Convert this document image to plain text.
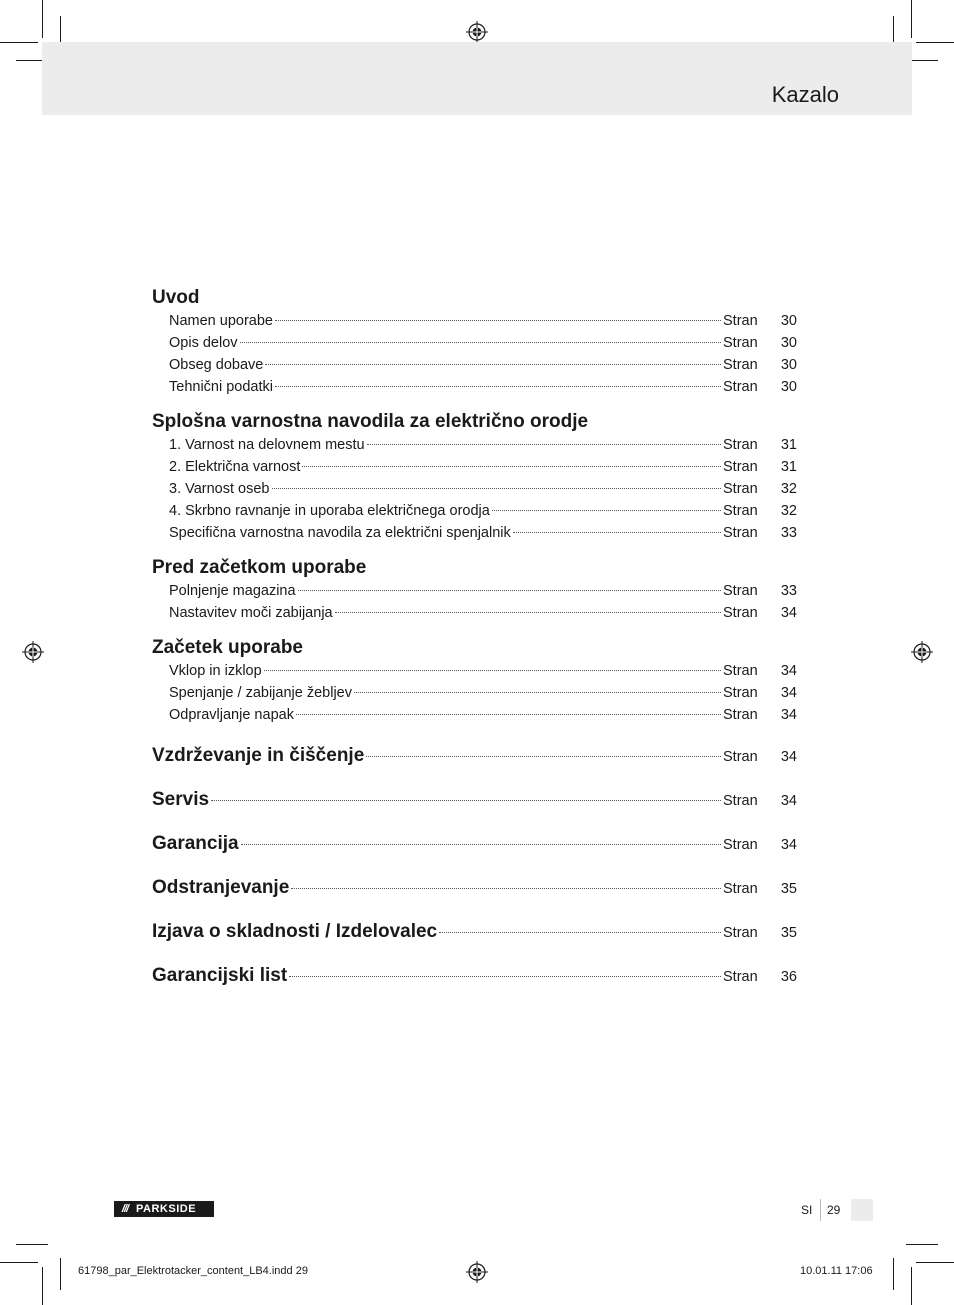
Kazalo
Uvod
Namen uporabe	Stran	30
Opis delov	Stran	30
Obseg dobave	Stran	30
Tehnični podatki	Stran	30
Splošna varnostna navodila za električno orodje
1. Varnost na delovnem mestu	Stran	31
2. Električna varnost	Stran	31
3. Varnost oseb	Stran	32
4. Skrbno ravnanje in uporaba električnega orodja	Stran	32
Specifična varnostna navodila za električni spenjalnik	Stran	33
Pred začetkom uporabe
Polnjenje magazina	Stran	33
Nastavitev moči zabijanja	Stran	34
Začetek uporabe
Vklop in izklop	Stran	34
Spenjanje / zabijanje žebljev	Stran	34
Odpravljanje napak	Stran	34
Vzdrževanje in čiščenje	Stran	34
Servis	Stran	34
Garancija	Stran	34
Odstranjevanje	Stran	35
Izjava o skladnosti / Izdelovalec	Stran	35
Garancijski list	Stran	36
/// PARKSIDE	SI 29
61798_par_Elektrotacker_content_LB4.indd 29	10.01.11 17:06
